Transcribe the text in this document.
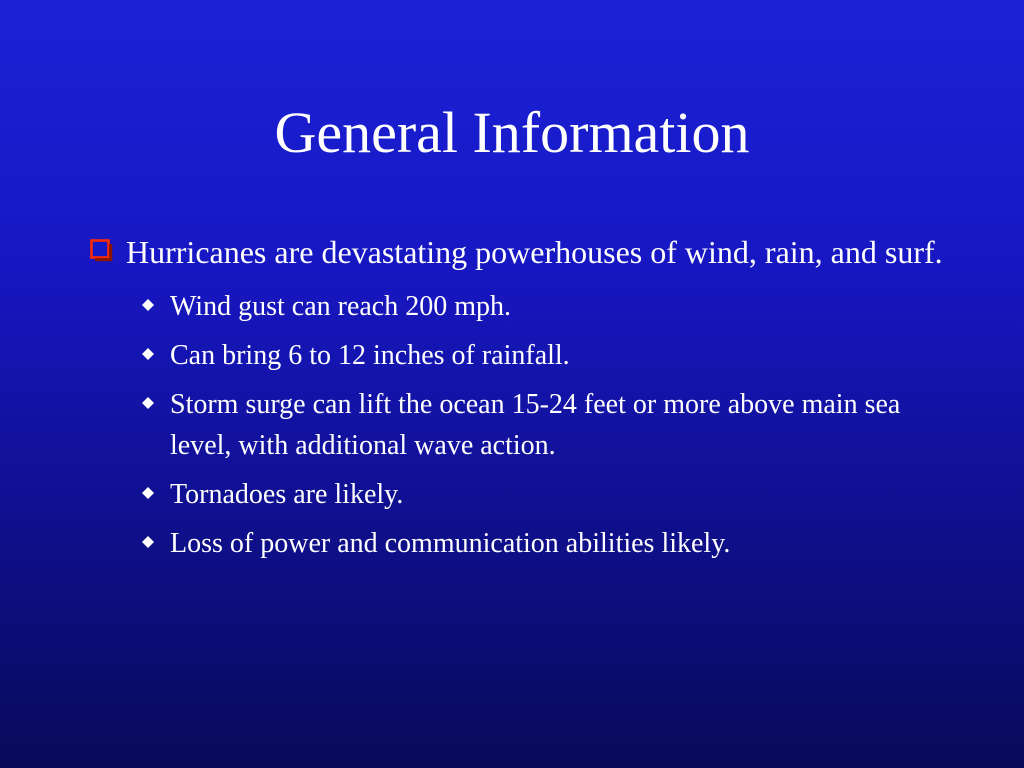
General Information
Hurricanes are devastating powerhouses of wind, rain, and surf.
Wind gust can reach 200 mph.
Can bring 6 to 12 inches of rainfall.
Storm surge can lift the ocean 15-24 feet or more above main sea level, with additional wave action.
Tornadoes are likely.
Loss of power and communication abilities likely.
